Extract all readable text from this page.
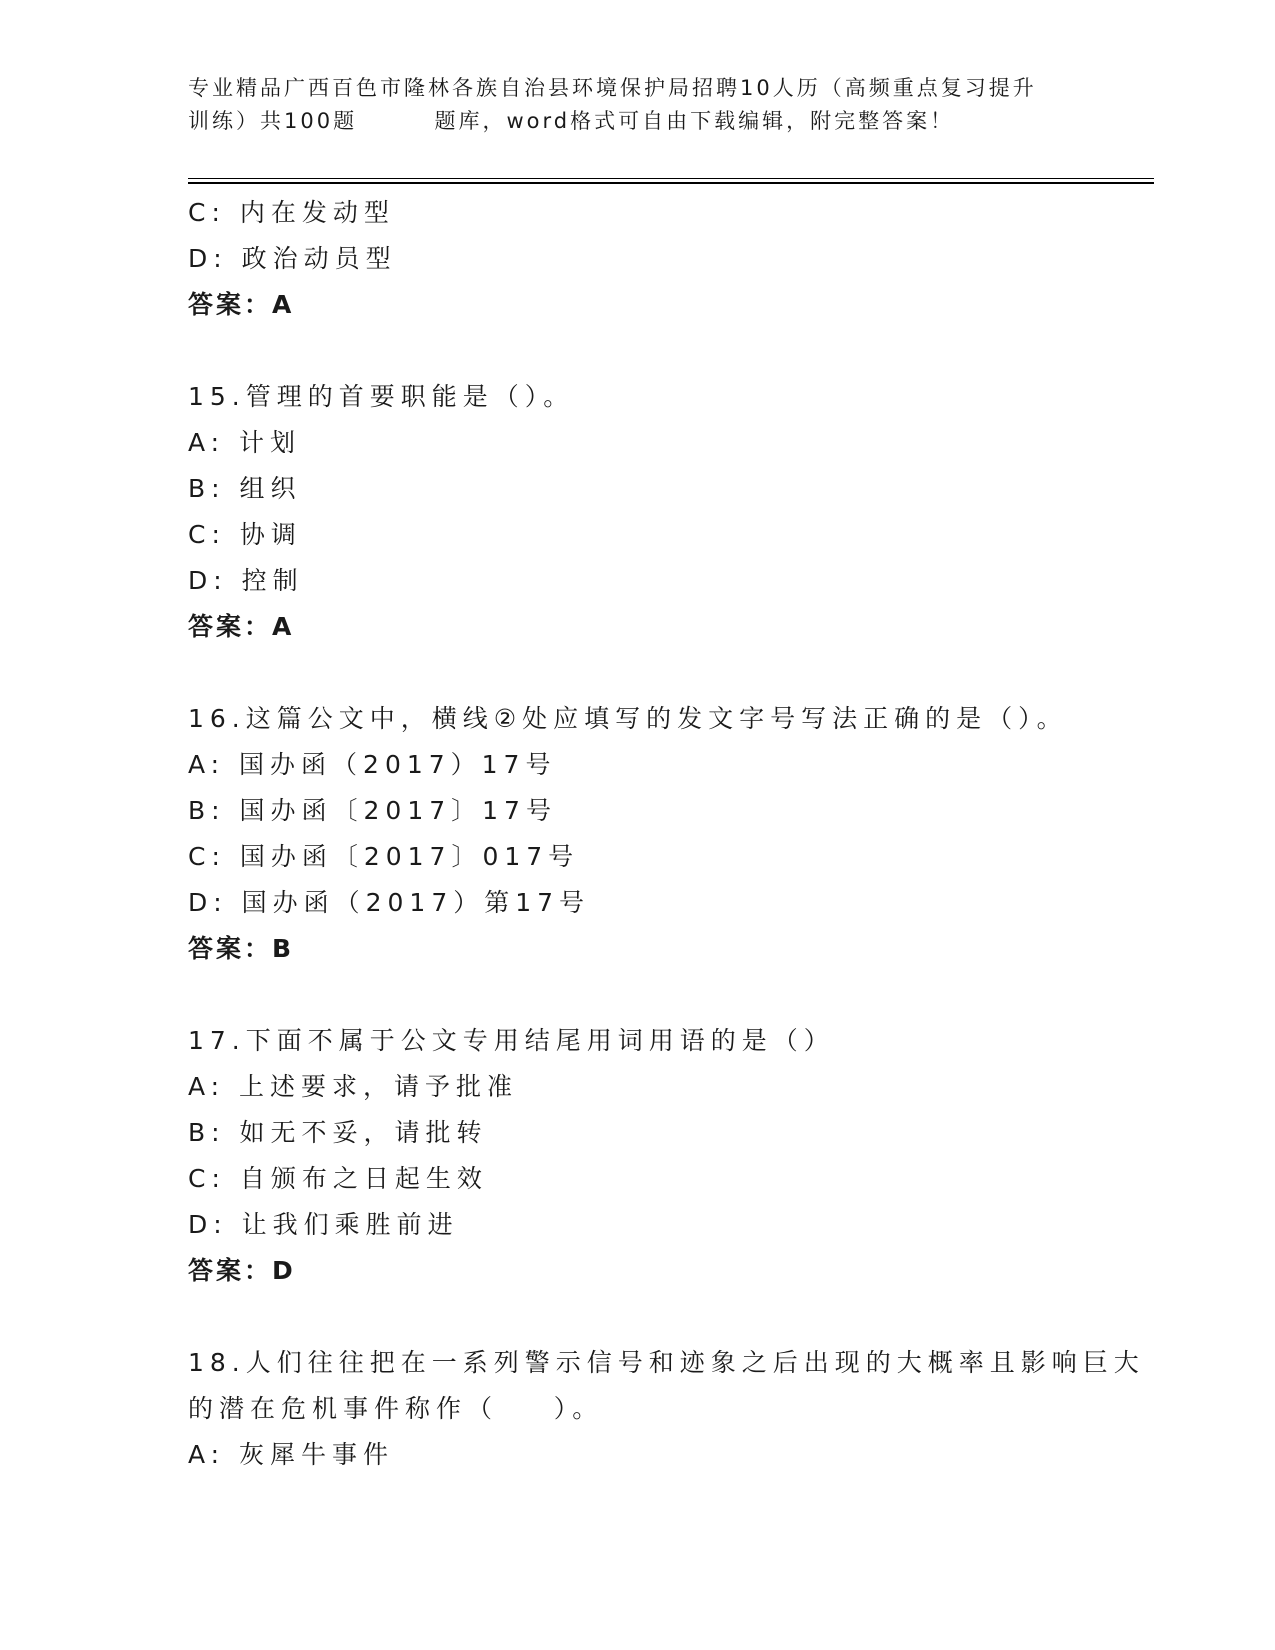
专业精品广西百色市隆林各族自治县环境保护局招聘10人历（高频重点复习提升
训练）共100题        题库，word格式可自由下载编辑，附完整答案！
C: 内在发动型
D: 政治动员型
答案：A
15.管理的首要职能是（）。
A: 计划
B: 组织
C: 协调
D: 控制
答案：A
16.这篇公文中，横线②处应填写的发文字号写法正确的是（）。
A: 国办函（2017）17号
B: 国办函〔2017〕17号
C: 国办函〔2017〕017号
D: 国办函（2017）第17号
答案：B
17.下面不属于公文专用结尾用词用语的是（）
A: 上述要求，请予批准
B: 如无不妥，请批转
C: 自颁布之日起生效
D: 让我们乘胜前进
答案：D
18.人们往往把在一系列警示信号和迹象之后出现的大概率且影响巨大
的潜在危机事件称作（    ）。
A: 灰犀牛事件
